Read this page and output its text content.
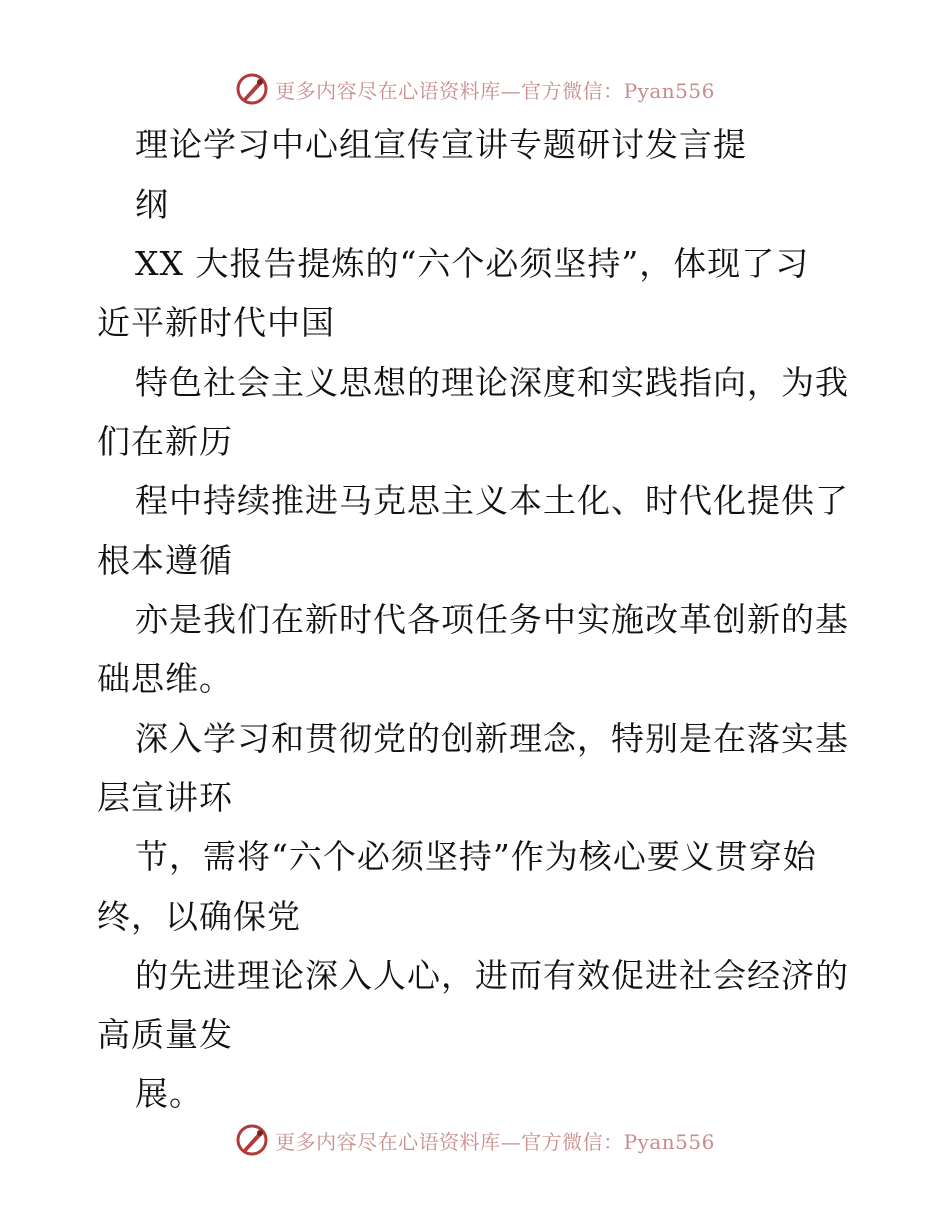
更多内容尽在心语资料库—官方微信：Pyan556
理论学习中心组宣传宣讲专题研讨发言提
纲
XX 大报告提炼的“六个必须坚持”，体现了习
近平新时代中国
特色社会主义思想的理论深度和实践指向，为我
们在新历
程中持续推进马克思主义本土化、时代化提供了
根本遵循
亦是我们在新时代各项任务中实施改革创新的基
础思维。
深入学习和贯彻党的创新理念，特别是在落实基
层宣讲环
节，需将“六个必须坚持”作为核心要义贯穿始
终，以确保党
的先进理论深入人心，进而有效促进社会经济的
高质量发
展。
更多内容尽在心语资料库—官方微信：Pyan556
